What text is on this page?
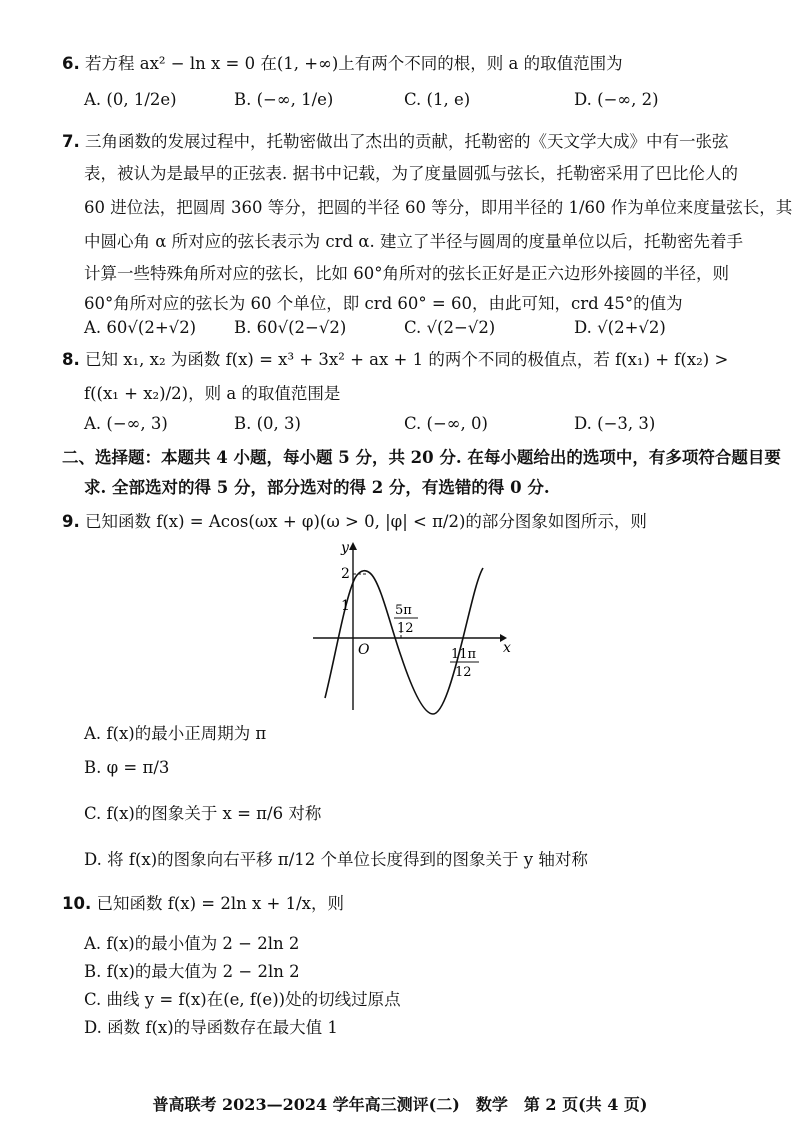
6. 若方程 ax² − ln x = 0 在(1, +∞)上有两个不同的根，则 a 的取值范围为
A. (0, 1/2e)	B. (−∞, 1/e)	C. (1, e)	D. (−∞, 2)
7. 三角函数的发展过程中，托勒密做出了杰出的贡献，托勒密的《天文学大成》中有一张弦
表，被认为是最早的正弦表. 据书中记载，为了度量圆弧与弦长，托勒密采用了巴比伦人的
60 进位法，把圆周 360 等分，把圆的半径 60 等分，即用半径的 1/60 作为单位来度量弦长，其
中圆心角 α 所对应的弦长表示为 crd α. 建立了半径与圆周的度量单位以后，托勒密先着手
计算一些特殊角所对应的弦长，比如 60°角所对的弦长正好是正六边形外接圆的半径，则
60°角所对应的弦长为 60 个单位，即 crd 60° = 60，由此可知，crd 45°的值为
A. 60√(2+√2) B. 60√(2−√2)	C. √(2−√2)	D. √(2+√2)
8. 已知 x₁, x₂ 为函数 f(x) = x³ + 3x² + ax + 1 的两个不同的极值点，若 f(x₁) + f(x₂) >
f((x₁ + x₂)/2)，则 a 的取值范围是
A. (−∞, 3)	B. (0, 3)	C. (−∞, 0)	D. (−3, 3)
二、选择题：本题共 4 小题，每小题 5 分，共 20 分. 在每小题给出的选项中，有多项符合题目要
求. 全部选对的得 5 分，部分选对的得 2 分，有选错的得 0 分.
9. 已知函数 f(x) = Acos(ωx + φ)(ω > 0, |φ| < π/2)的部分图象如图所示，则
y
x
O
2
1	5π
12
11π
12
A. f(x)的最小正周期为 π
B. φ = π/3
C. f(x)的图象关于 x = π/6 对称
D. 将 f(x)的图象向右平移 π/12 个单位长度得到的图象关于 y 轴对称
10. 已知函数 f(x) = 2ln x + 1/x，则
A. f(x)的最小值为 2 − 2ln 2
B. f(x)的最大值为 2 − 2ln 2
C. 曲线 y = f(x)在(e, f(e))处的切线过原点
D. 函数 f(x)的导函数存在最大值 1
普高联考 2023—2024 学年高三测评(二)　数学　第 2 页(共 4 页)
